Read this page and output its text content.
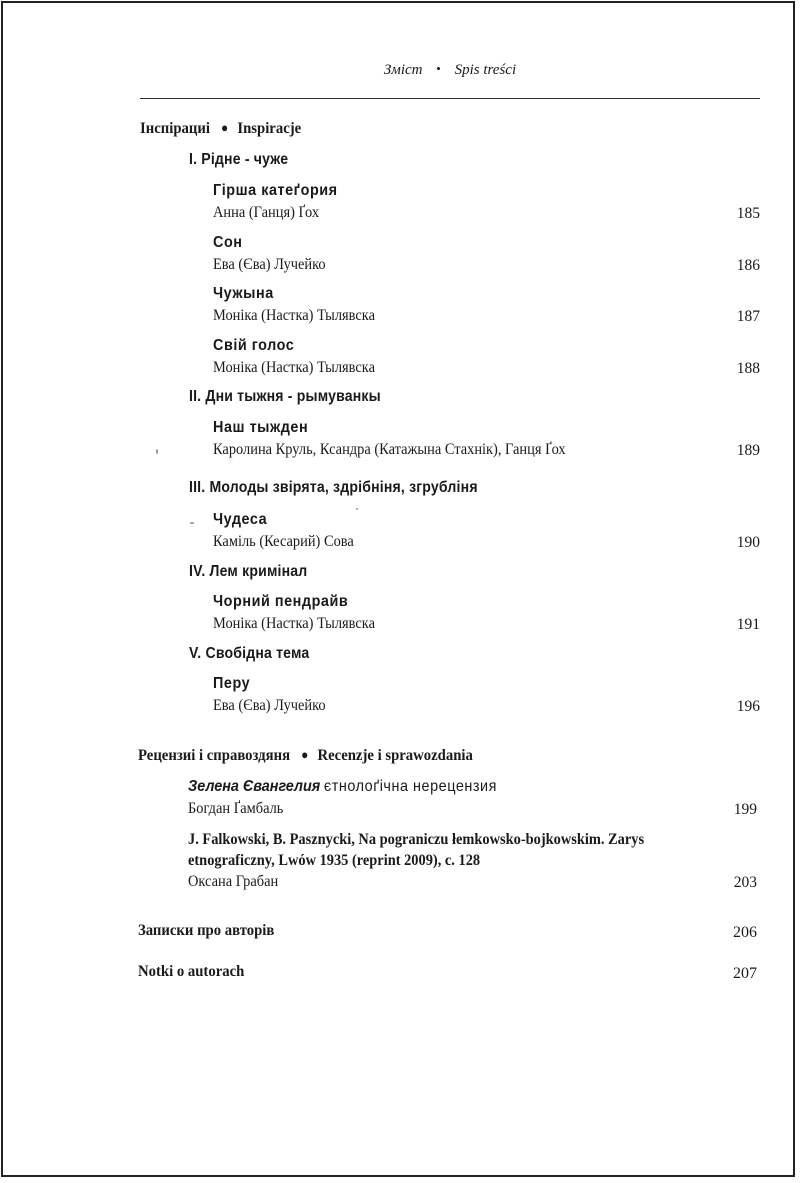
Зміст • Spis treści
Інспірациі ● Inspiracje
I. Рідне - чуже
Гірша катеґория
Анна (Ганця) Ґох	185
Сон
Ева (Єва) Лучейко	186
Чужына
Моніка (Настка) Тылявска	187
Свій голос
Моніка (Настка) Тылявска	188
II. Дни тыжня - рымуванкы
Наш тыжден
Каролина Круль, Ксандра (Катажына Стахнік), Ганця Ґох	189
III. Молоды звірята, здрібніня, згрубліня
Чудеса
Каміль (Кесарий) Сова	190
IV. Лем кримінал
Чорний пендрайв
Моніка (Настка) Тылявска	191
V. Свобідна тема
Перу
Ева (Єва) Лучейко	196
Рецензиі і справоздяня ● Recenzje i sprawozdania
Зелена Євангелия єтнолоґічна нерецензия
Богдан Ґамбаль	199
J. Falkowski, B. Pasznycki, Na pograniczu łemkowsko-bojkowskim. Zarys
etnograficzny, Lwów 1935 (reprint 2009), c. 128
Оксана Грабан	203
Записки про авторів	206
Notki o autorach	207
